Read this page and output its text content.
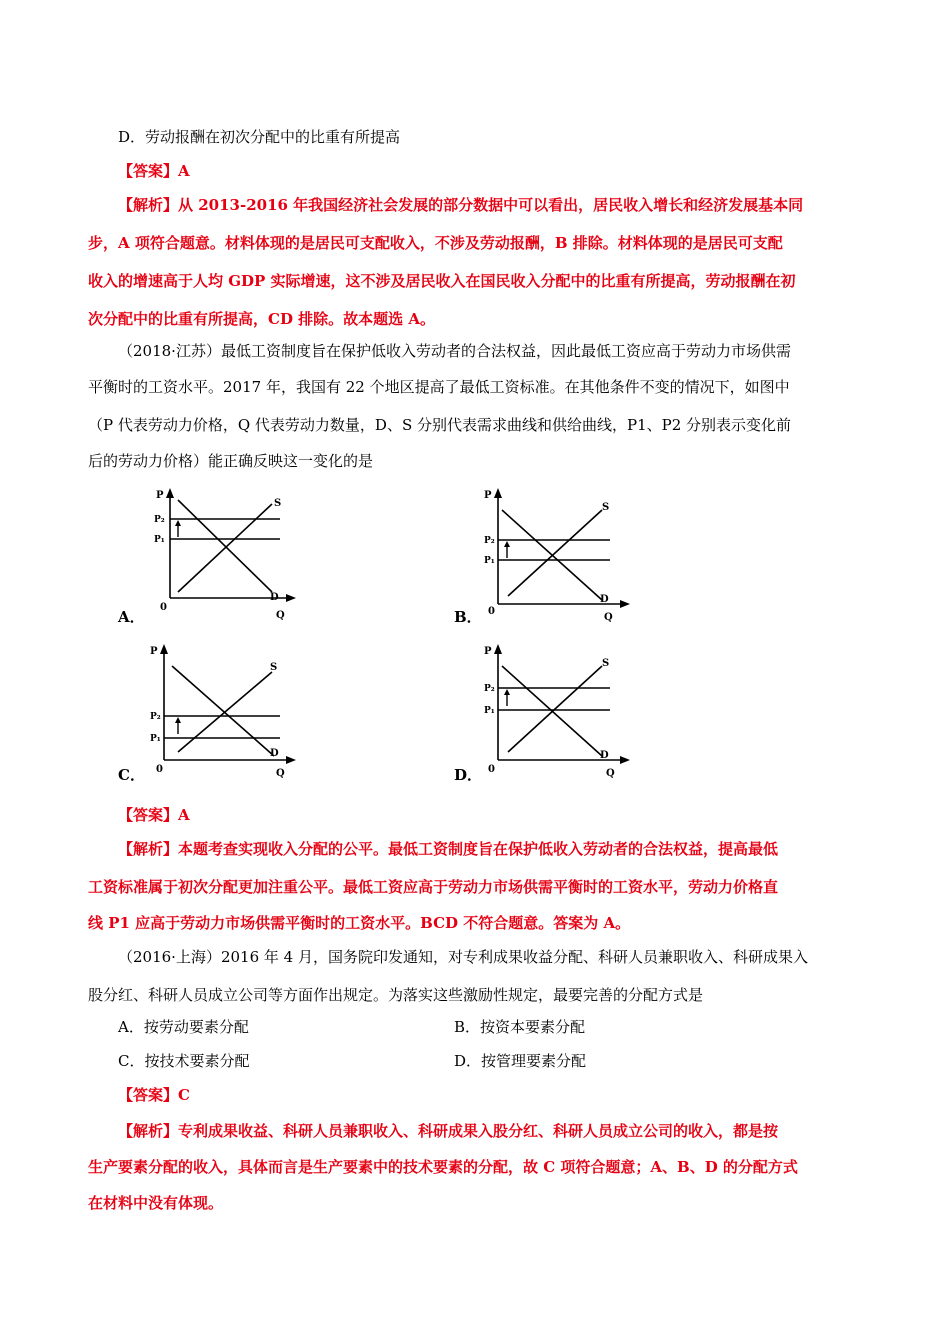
D．劳动报酬在初次分配中的比重有所提高
【答案】A
【解析】从 2013-2016 年我国经济社会发展的部分数据中可以看出，居民收入增长和经济发展基本同
步，A 项符合题意。材料体现的是居民可支配收入，不涉及劳动报酬，B 排除。材料体现的是居民可支配
收入的增速高于人均 GDP 实际增速，这不涉及居民收入在国民收入分配中的比重有所提高，劳动报酬在初
次分配中的比重有所提高，CD 排除。故本题选 A。
（2018·江苏）最低工资制度旨在保护低收入劳动者的合法权益，因此最低工资应高于劳动力市场供需
平衡时的工资水平。2017 年，我国有 22 个地区提高了最低工资标准。在其他条件不变的情况下，如图中
（P 代表劳动力价格，Q 代表劳动力数量，D、S 分别代表需求曲线和供给曲线，P1、P2 分别表示变化前
后的劳动力价格）能正确反映这一变化的是
A．
P
P₂
P₁
0
Q
S
D
B．
P
P₂
P₁
0
Q
S
D
C．
P
P₂
P₁
0	Q
S
D
D．
P
P₂
P₁
0	Q
S
D
【答案】A
【解析】本题考查实现收入分配的公平。最低工资制度旨在保护低收入劳动者的合法权益，提高最低
工资标准属于初次分配更加注重公平。最低工资应高于劳动力市场供需平衡时的工资水平，劳动力价格直
线 P1 应高于劳动力市场供需平衡时的工资水平。BCD 不符合题意。答案为 A。
（2016·上海）2016 年 4 月，国务院印发通知，对专利成果收益分配、科研人员兼职收入、科研成果入
股分红、科研人员成立公司等方面作出规定。为落实这些激励性规定，最要完善的分配方式是
A．按劳动要素分配	B．按资本要素分配
C．按技术要素分配	D．按管理要素分配
【答案】C
【解析】专利成果收益、科研人员兼职收入、科研成果入股分红、科研人员成立公司的收入，都是按
生产要素分配的收入，具体而言是生产要素中的技术要素的分配，故 C 项符合题意；A、B、D 的分配方式
在材料中没有体现。
